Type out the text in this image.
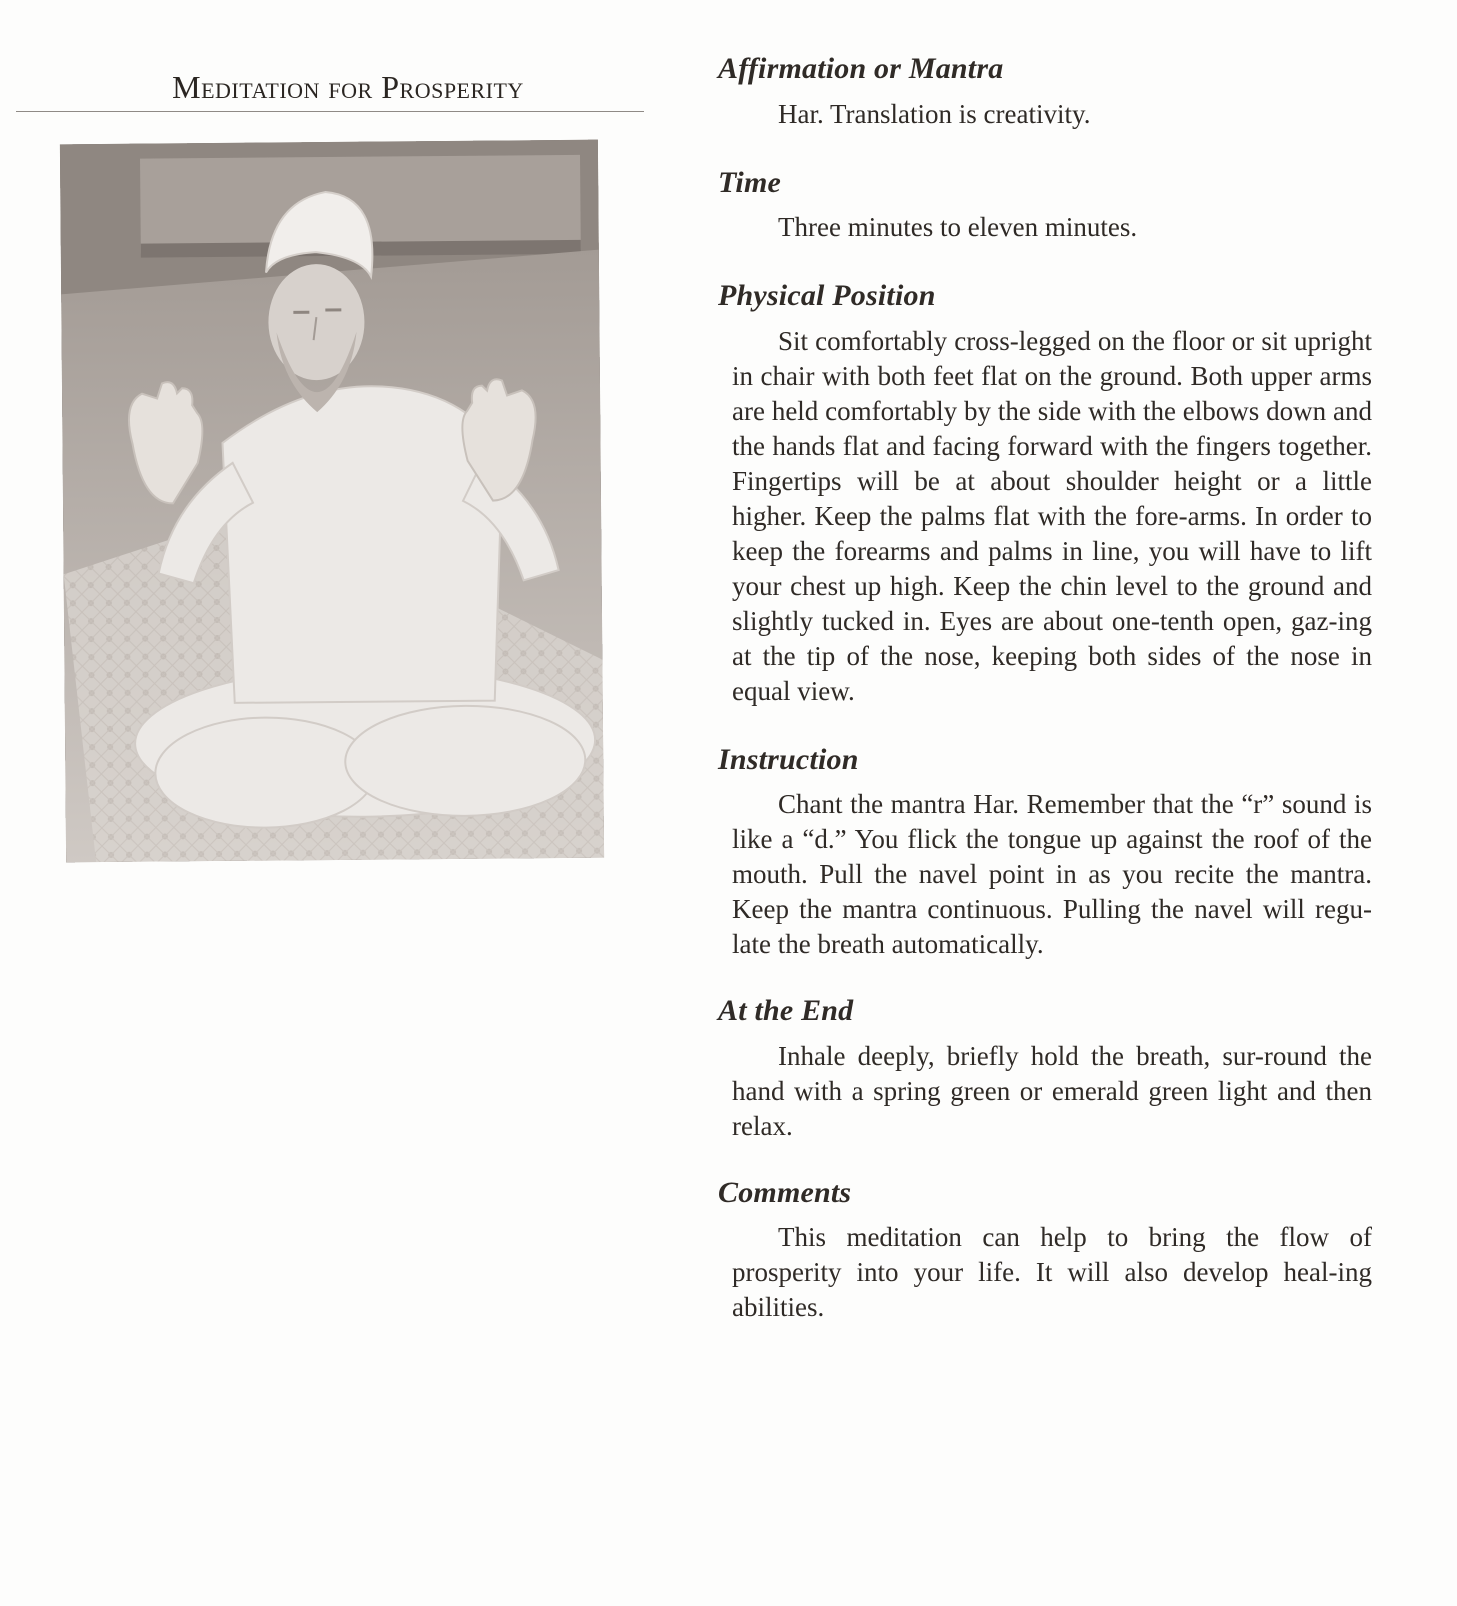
Meditation for Prosperity
Affirmation or Mantra

Har. Translation is creativity.

Time

Three minutes to eleven minutes.

Physical Position

Sit comfortably cross-legged on the floor or sit upright in chair with both feet flat on the ground. Both upper arms are held comfortably by the side with the elbows down and the hands flat and facing forward with the fingers together. Fingertips will be at about shoulder height or a little higher. Keep the palms flat with the fore-arms. In order to keep the forearms and palms in line, you will have to lift your chest up high. Keep the chin level to the ground and slightly tucked in. Eyes are about one-tenth open, gaz-ing at the tip of the nose, keeping both sides of the nose in equal view.

Instruction

Chant the mantra Har. Remember that the “r” sound is like a “d.” You flick the tongue up against the roof of the mouth. Pull the navel point in as you recite the mantra. Keep the mantra continuous. Pulling the navel will regu-late the breath automatically.

At the End

Inhale deeply, briefly hold the breath, sur-round the hand with a spring green or emerald green light and then relax.

Comments

This meditation can help to bring the flow of prosperity into your life. It will also develop heal-ing abilities.
